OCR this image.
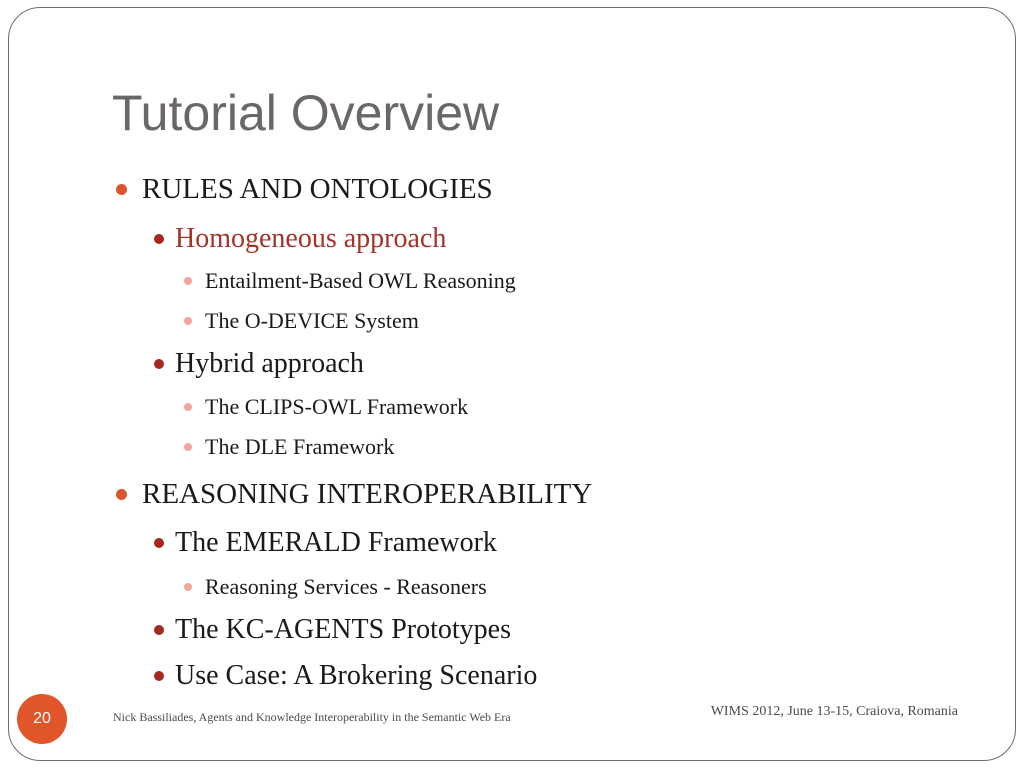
Tutorial Overview
RULES AND ONTOLOGIES
Homogeneous approach
Entailment-Based OWL Reasoning
The O-DEVICE System
Hybrid approach
The CLIPS-OWL Framework
The DLE Framework
REASONING INTEROPERABILITY
The EMERALD Framework
Reasoning Services - Reasoners
The KC-AGENTS Prototypes
Use Case: A Brokering Scenario
20	Nick Bassiliades, Agents and Knowledge Interoperability in the Semantic Web Era	WIMS 2012, June 13-15, Craiova, Romania
